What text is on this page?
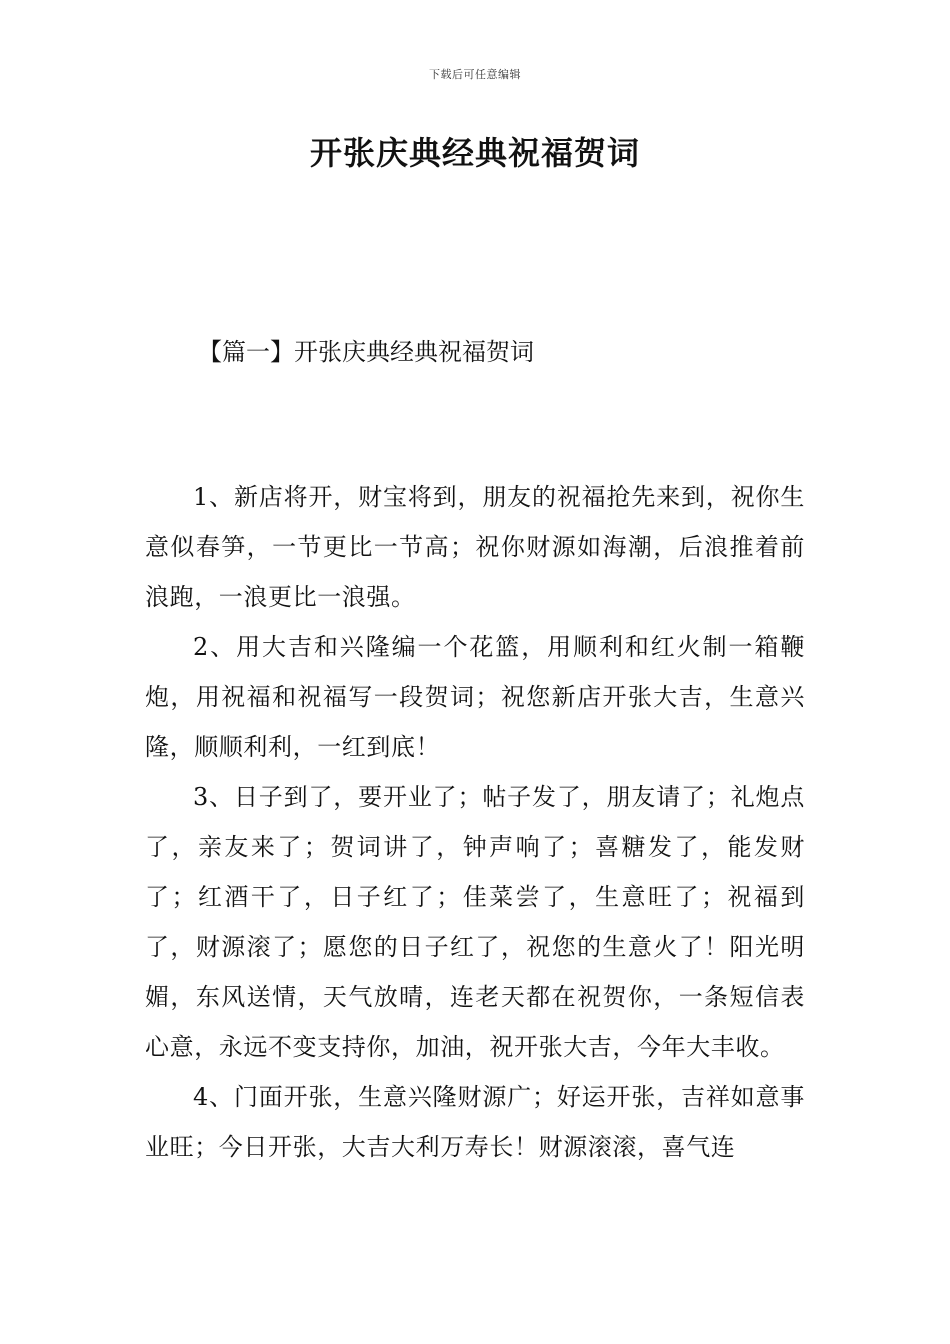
下载后可任意编辑
开张庆典经典祝福贺词
【篇一】开张庆典经典祝福贺词

1、新店将开，财宝将到，朋友的祝福抢先来到，祝你生意似春笋，一节更比一节高；祝你财源如海潮，后浪推着前浪跑，一浪更比一浪强。

2、用大吉和兴隆编一个花篮，用顺利和红火制一箱鞭炮，用祝福和祝福写一段贺词；祝您新店开张大吉，生意兴隆，顺顺利利，一红到底！

3、日子到了，要开业了；帖子发了，朋友请了；礼炮点了，亲友来了；贺词讲了，钟声响了；喜糖发了，能发财了；红酒干了，日子红了；佳菜尝了，生意旺了；祝福到了，财源滚了；愿您的日子红了，祝您的生意火了！阳光明媚，东风送情，天气放晴，连老天都在祝贺你，一条短信表心意，永远不变支持你，加油，祝开张大吉，今年大丰收。

4、门面开张，生意兴隆财源广；好运开张，吉祥如意事业旺；今日开张，大吉大利万寿长！财源滚滚，喜气连
